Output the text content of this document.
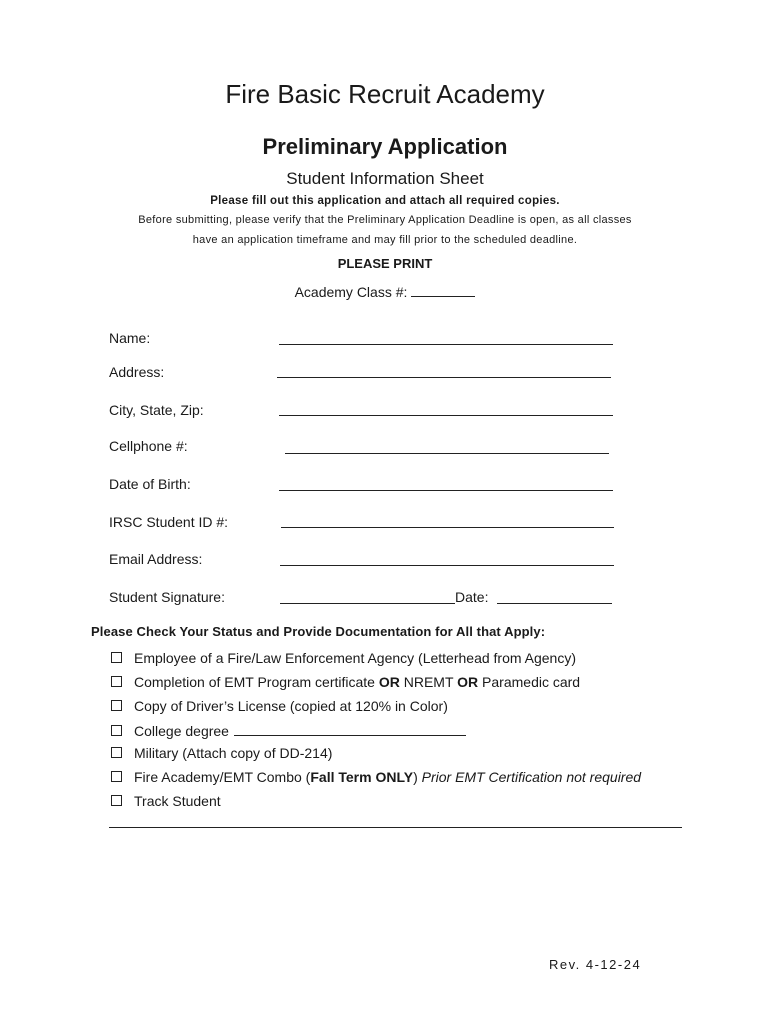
Fire Basic Recruit Academy
Preliminary Application
Student Information Sheet
Please fill out this application and attach all required copies.
Before submitting, please verify that the Preliminary Application Deadline is open, as all classes
have an application timeframe and may fill prior to the scheduled deadline.
PLEASE PRINT
Academy Class #:
Name:
Address:
City, State, Zip:
Cellphone #:
Date of Birth:
IRSC Student ID #:
Email Address:
Student Signature:	Date:
Please Check Your Status and Provide Documentation for All that Apply:
Employee of a Fire/Law Enforcement Agency (Letterhead from Agency)
Completion of EMT Program certificate OR NREMT OR Paramedic card
Copy of Driver’s License (copied at 120% in Color)
College degree
Military (Attach copy of DD-214)
Fire Academy/EMT Combo (Fall Term ONLY) Prior EMT Certification not required
Track Student
Rev. 4-12-24
